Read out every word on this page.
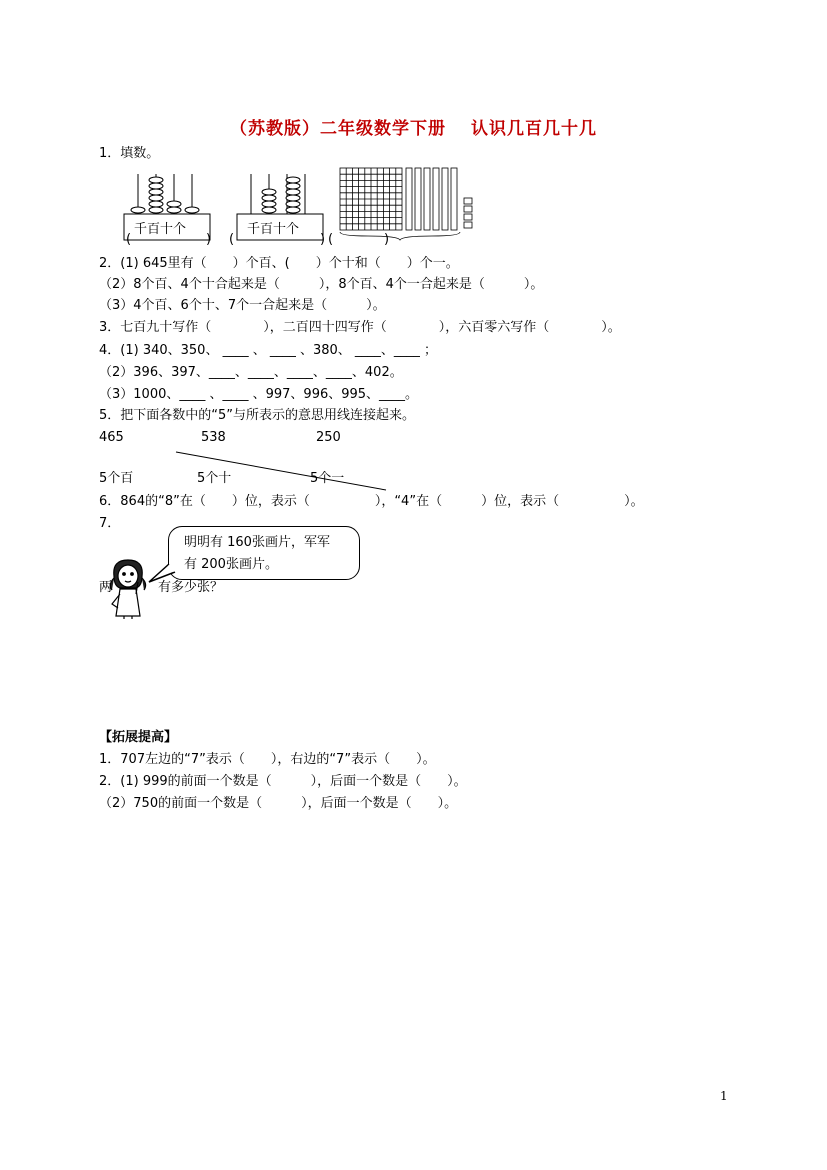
（苏教版）二年级数学下册　 认识几百几十几
1．填数。
千百十个
(	)
千百十个
(	) (	)
2．(1) 645里有（　　）个百、(　　）个十和（　　）个一。
（2）8个百、4个十合起来是（　　　），8个百、4个一合起来是（　　　）。
（3）4个百、6个十、7个一合起来是（　　　）。
3．七百九十写作（　　　　），二百四十四写作（　　　　），六百零六写作（　　　　）。
4．(1) 340、350、 ____ 、 ____ 、380、 ____、____ ；
（2）396、397、____、____、____、____、402。
（3）1000、____ 、____ 、997、996、995、____。
5．把下面各数中的“5”与所表示的意思用线连接起来。
465	538	250
5个百	5个十	5个一
6．864的“8”在（　　）位，表示（　　　　　），“4”在（　　　）位，表示（　　　　　）。
7．
明明有 160张画片，军军
有 200张画片。
两	有多少张？
【拓展提高】
1．707左边的“7”表示（　　），右边的“7”表示（　　）。
2．(1) 999的前面一个数是（　　　），后面一个数是（　　）。
（2）750的前面一个数是（　　　），后面一个数是（　　）。
1
